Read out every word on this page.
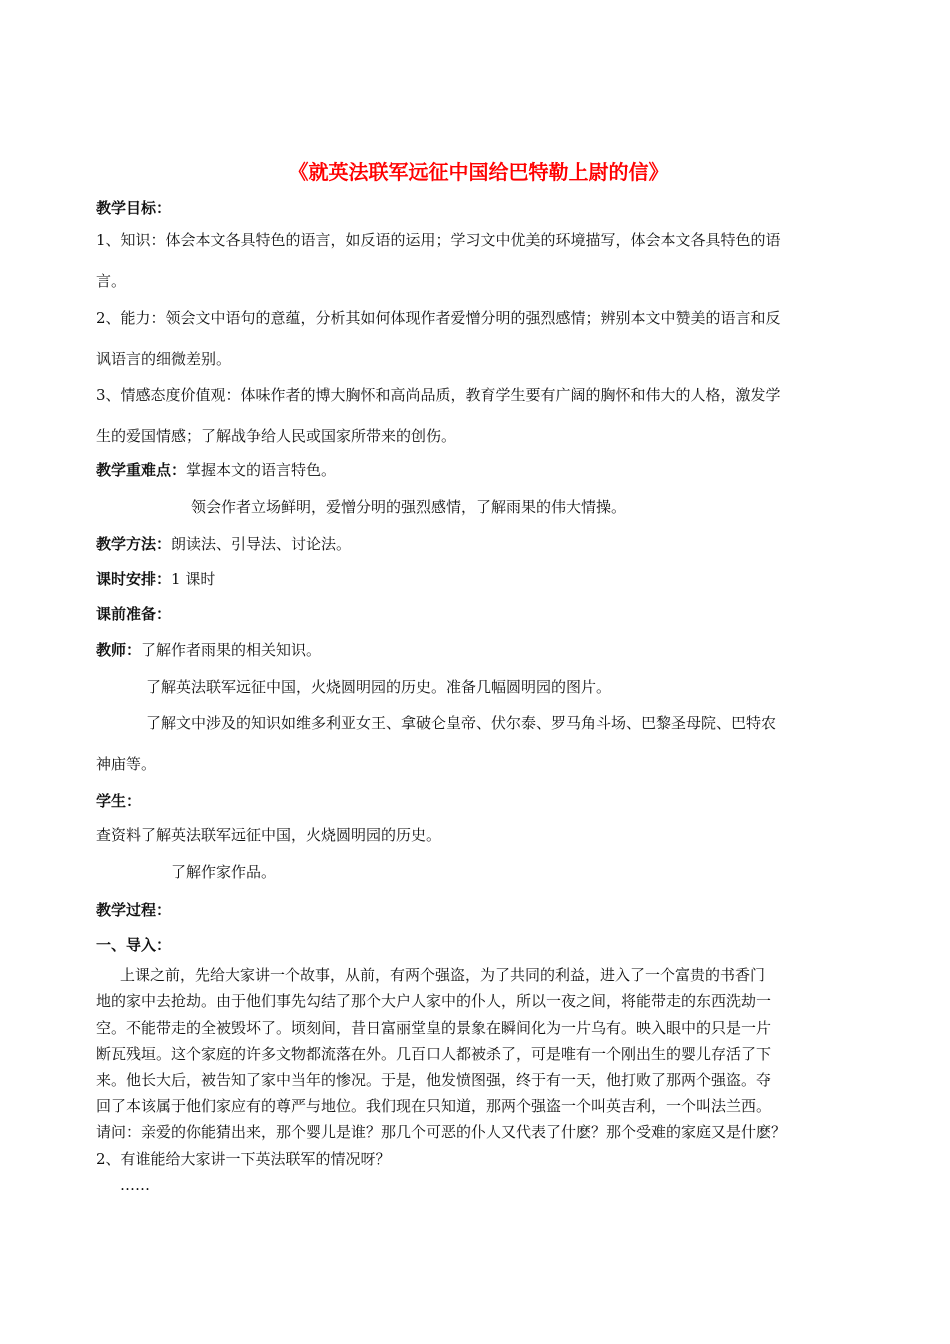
《就英法联军远征中国给巴特勒上尉的信》
教学目标：
1、知识：体会本文各具特色的语言，如反语的运用；学习文中优美的环境描写，体会本文各具特色的语
言。
2、能力：领会文中语句的意蕴，分析其如何体现作者爱憎分明的强烈感情；辨别本文中赞美的语言和反
讽语言的细微差别。
3、情感态度价值观：体味作者的博大胸怀和高尚品质，教育学生要有广阔的胸怀和伟大的人格，激发学
生的爱国情感；了解战争给人民或国家所带来的创伤。
教学重难点：掌握本文的语言特色。
领会作者立场鲜明，爱憎分明的强烈感情，了解雨果的伟大情操。
教学方法：朗读法、引导法、讨论法。
课时安排：1 课时
课前准备：
教师：了解作者雨果的相关知识。
了解英法联军远征中国，火烧圆明园的历史。准备几幅圆明园的图片。
了解文中涉及的知识如维多利亚女王、拿破仑皇帝、伏尔泰、罗马角斗场、巴黎圣母院、巴特农
神庙等。
学生：
查资料了解英法联军远征中国，火烧圆明园的历史。
了解作家作品。
教学过程：
一、导入：
上课之前，先给大家讲一个故事，从前，有两个强盗，为了共同的利益，进入了一个富贵的书香门
地的家中去抢劫。由于他们事先勾结了那个大户人家中的仆人，所以一夜之间，将能带走的东西洗劫一
空。不能带走的全被毁坏了。顷刻间，昔日富丽堂皇的景象在瞬间化为一片乌有。映入眼中的只是一片
断瓦残垣。这个家庭的许多文物都流落在外。几百口人都被杀了，可是唯有一个刚出生的婴儿存活了下
来。他长大后，被告知了家中当年的惨况。于是，他发愤图强，终于有一天，他打败了那两个强盗。夺
回了本该属于他们家应有的尊严与地位。我们现在只知道，那两个强盗一个叫英吉利，一个叫法兰西。
请问：亲爱的你能猜出来，那个婴儿是谁？那几个可恶的仆人又代表了什麽？那个受难的家庭又是什麽？
2、有谁能给大家讲一下英法联军的情况呀？
……
